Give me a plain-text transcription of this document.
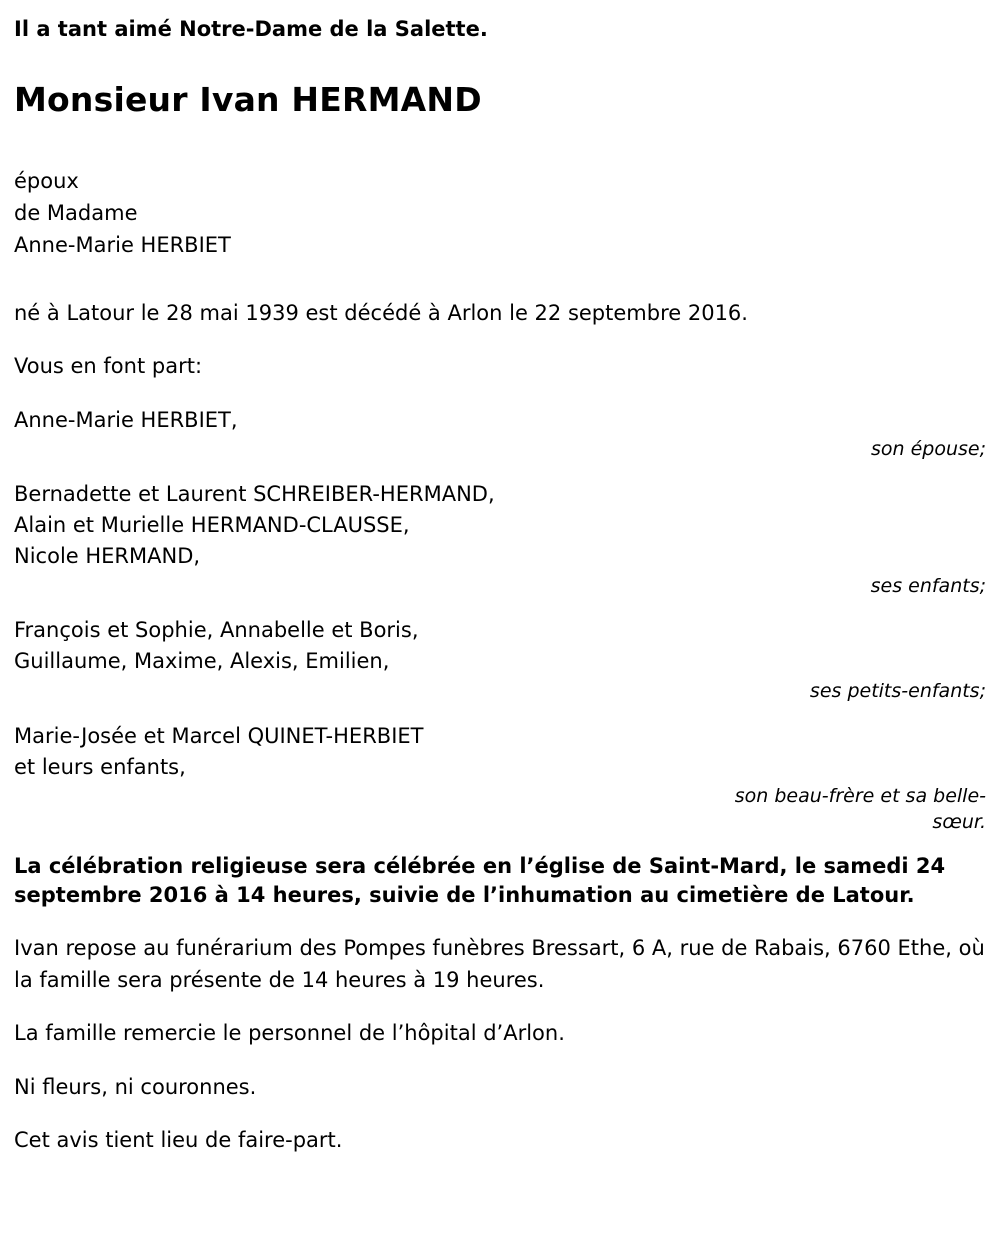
Il a tant aimé Notre-Dame de la Salette.

Monsieur Ivan HERMAND
époux
de Madame
Anne-Marie HERBIET

né à Latour le 28 mai 1939 est décédé à Arlon le 22 septembre 2016.

Vous en font part:

Anne-Marie HERBIET,
son épouse;
Bernadette et Laurent SCHREIBER-HERMAND,
Alain et Murielle HERMAND-CLAUSSE,
Nicole HERMAND,
ses enfants;
François et Sophie, Annabelle et Boris,
Guillaume, Maxime, Alexis, Emilien,
ses petits-enfants;
Marie-Josée et Marcel QUINET-HERBIET
et leurs enfants,
son beau-frère et sa belle-sœur.

La célébration religieuse sera célébrée en l’église de Saint-Mard, le samedi 24 septembre 2016 à 14 heures, suivie de l’inhumation au cimetière de Latour.

Ivan repose au funérarium des Pompes funèbres Bressart, 6 A, rue de Rabais, 6760 Ethe, où la famille sera présente de 14 heures à 19 heures.

La famille remercie le personnel de l’hôpital d’Arlon.

Ni fleurs, ni couronnes.

Cet avis tient lieu de faire-part.
